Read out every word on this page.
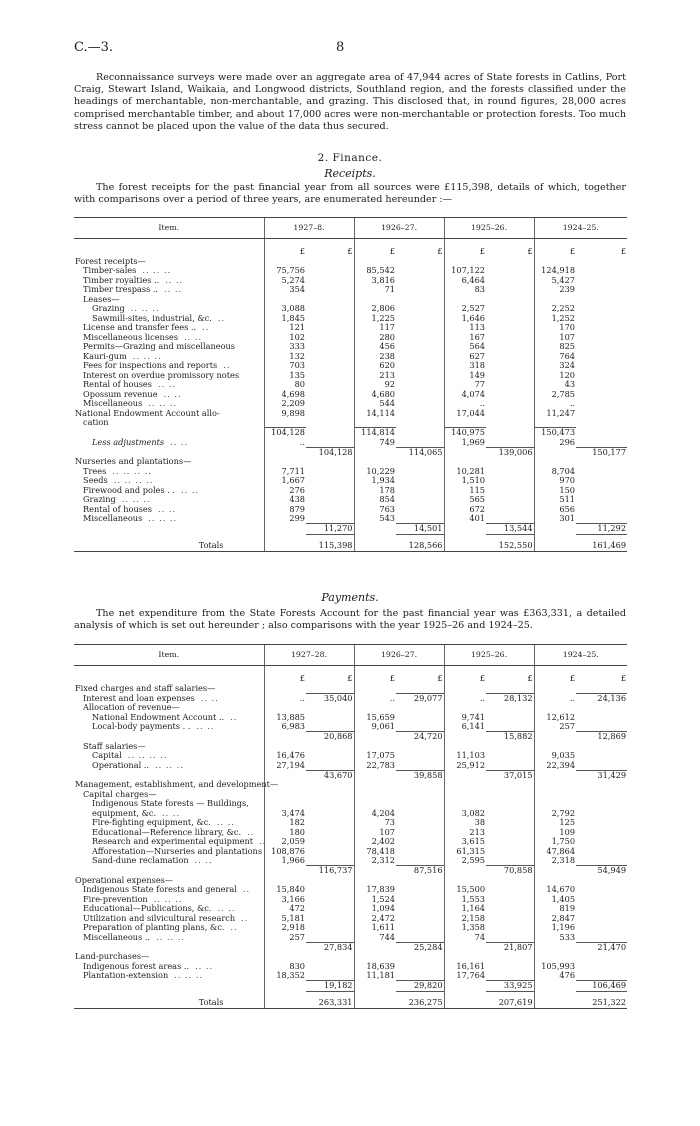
C.—3.	8
Reconnaissance surveys were made over an aggregate area of 47,944 acres of State forests in Catlins, Port Craig, Stewart Island, Waikaia, and Longwood districts, Southland region, and the forests classified under the headings of merchantable, non-merchantable, and grazing. This disclosed that, in round figures, 28,000 acres comprised merchantable timber, and about 17,000 acres were non-merchantable or protection forests. Too much stress cannot be placed upon the value of the data thus secured.
2. Finance.
Receipts.
The forest receipts for the past financial year from all sources were £115,398, details of which, together with comparisons over a period of three years, are enumerated hereunder :—
Item.	1927–8.		1926–27.		1925–26.		1924–25.	
	£	£	£	£	£	£	£	£
Forest receipts—								
Timber-sales .. .. ..	75,756		85,542		107,122		124,918	
Timber royalties .. .. ..	5,274		3,816		6,464		5,427	
Timber trespass .. .. ..	354		71		83		239	
Leases—								
Grazing .. .. ..	3,088		2,806		2,527		2,252	
Sawmill-sites, industrial, &c. ..	1,845		1,225		1,646		1,252	
License and transfer fees .. ..	121		117		113		170	
Miscellaneous licenses .. ..	102		280		167		107	
Permits—Grazing and miscellaneous	333		456		564		825	
Kauri-gum .. .. ..	132		238		627		764	
Fees for inspections and reports ..	703		620		318		324	
Interest on overdue promissory notes	135		213		149		120	
Rental of houses .. ..	80		92		77		43	
Opossum revenue .. ..	4,698		4,680		4,074		2,785	
Miscellaneous .. .. ..	2,209		544		..		..	
National Endowment Account allo-	9,898		14,114		17,044		11,247	
cation								
	104,128		114,814		140,975		150,473	
Less adjustments .. ..	..		749		1,969		296	
		104,128		114,065		139,006		150,177
Nurseries and plantations—								
Trees .. .. .. ..	7,711		10,229		10,281		8,704	
Seeds .. .. .. ..	1,667		1,934		1,510		970	
Firewood and poles . . .. ..	276		178		115		150	
Grazing .. .. ..	438		854		565		511	
Rental of houses .. ..	879		763		672		656	
Miscellaneous .. .. ..	299		543		401		301	
		11,270		14,501		13,544		11,292
Totals		115,398		128,566		152,550		161,469
Payments.
The net expenditure from the State Forests Account for the past financial year was £363,331, a detailed analysis of which is set out hereunder ; also comparisons with the year 1925–26 and 1924–25.
Item.	1927–28.		1926–27.		1925–26.		1924–25.	
	£	£	£	£	£	£	£	£
Fixed charges and staff salaries—								
Interest and loan expenses .. ..	..	35,040	..	29,077	..	28,132	..	24,136
Allocation of revenue—								
National Endowment Account .. ..	13,885		15,659		9,741		12,612	
Local-body payments . . .. ..	6,983		9,061		6,141		257	
		20,868		24,720		15,882		12,869
Staff salaries—								
Capital .. .. .. ..	16,476		17,075		11,103		9,035	
Operational .. .. .. ..	27,194		22,783		25,912		22,394	
		43,670		39,858		37,015		31,429
Management, establishment, and development—								
Capital charges—								
Indigenous State forests — Buildings,								
equipment, &c. .. ..	3,474		4,204		3,082		2,792	
Fire-fighting equipment, &c. .. ..	182		73		38		125	
Educational—Reference library, &c. ..	180		107		213		109	
Research and experimental equipment ..	2,059		2,402		3,615		1,750	
Afforestation—Nurseries and plantations	108,876		78,418		61,315		47,864	
Sand-dune reclamation .. ..	1,966		2,312		2,595		2,318	
		116,737		87,516		70,858		54,949
Operational expenses—								
Indigenous State forests and general ..	15,840		17,839		15,500		14,670	
Fire-prevention .. .. ..	3,166		1,524		1,553		1,405	
Educational—Publications, &c. .. ..	472		1,094		1,164		819	
Utilization and silvicultural research ..	5,181		2,472		2,158		2,847	
Preparation of planting plans, &c. ..	2,918		1,611		1,358		1,196	
Miscellaneous .. .. .. ..	257		744		74		533	
		27,834		25,284		21,807		21,470
Land-purchases—								
Indigenous forest areas .. .. ..	830		18,639		16,161		105,993	
Plantation-extension .. .. ..	18,352		11,181		17,764		476	
		19,182		29,820		33,925		106,469
Totals		263,331		236,275		207,619		251,322
